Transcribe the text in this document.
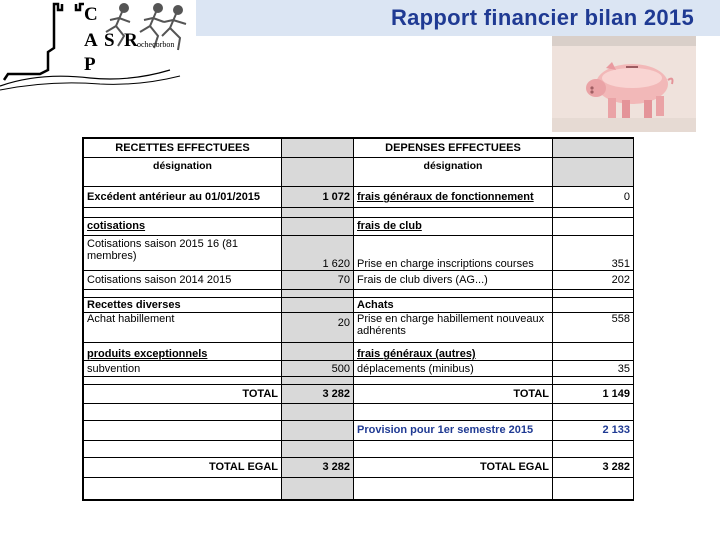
Rapport financier bilan 2015
C
A S R ochecorbon
P
RECETTES EFFECTUEES		DEPENSES EFFECTUEES	
désignation		désignation	
Excédent antérieur au 01/01/2015	1 072	frais généraux de fonctionnement	0

cotisations		frais de club	
Cotisations saison 2015 16 (81 membres)	1 620	Prise en charge inscriptions courses	351
Cotisations saison 2014 2015	70	Frais de club divers (AG...)	202

Recettes diverses		Achats	
Achat habillement	20	Prise en charge habillement nouveaux adhérents	558
produits exceptionnels		frais généraux (autres)	
subvention	500	déplacements (minibus)	35

TOTAL	3 282	TOTAL	1 149

		Provision pour 1er semestre 2015	2 133

TOTAL EGAL	3 282	TOTAL EGAL	3 282
